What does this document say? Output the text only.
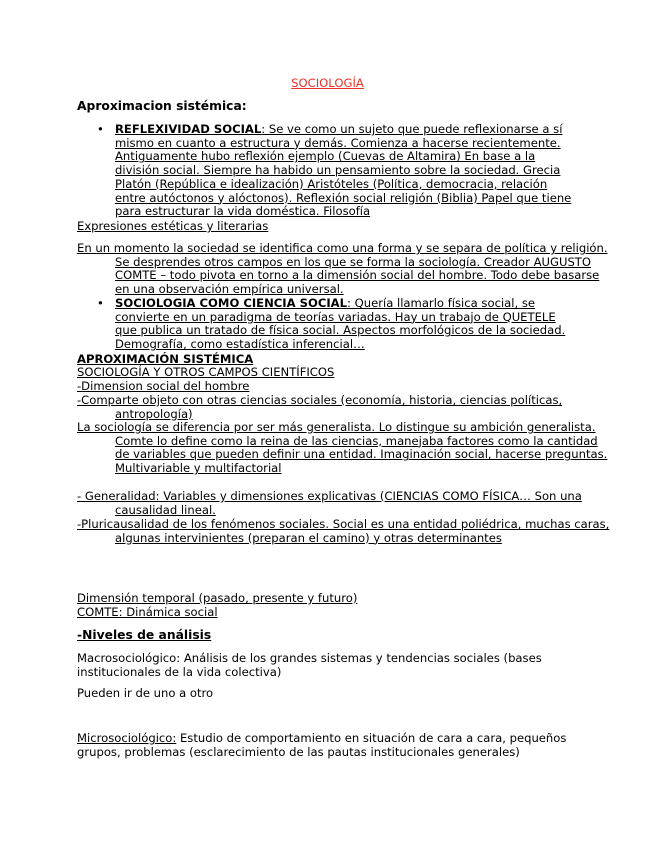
SOCIOLOGÍA
Aproximacion sistémica:
• REFLEXIVIDAD SOCIAL: Se ve como un sujeto que puede reflexionarse a sí mismo en cuanto a estructura y demás. Comienza a hacerse recientemente. Antiguamente hubo reflexión ejemplo (Cuevas de Altamira) En base a la división social. Siempre ha habido un pensamiento sobre la sociedad. Grecia Platón (República e idealización) Aristóteles (Política, democracia, relación entre autóctonos y alóctonos). Reflexión social religión (Biblia) Papel que tiene para estructurar la vida doméstica. Filosofía
Expresiones estéticas y literarias
En un momento la sociedad se identifica como una forma y se separa de política y religión. Se desprendes otros campos en los que se forma la sociología. Creador AUGUSTO COMTE – todo pivota en torno a la dimensión social del hombre. Todo debe basarse en una observación empírica universal.
• SOCIOLOGIA COMO CIENCIA SOCIAL: Quería llamarlo física social, se convierte en un paradigma de teorías variadas. Hay un trabajo de QUETELE que publica un tratado de física social. Aspectos morfológicos de la sociedad. Demografía, como estadística inferencial…
APROXIMACIÓN SISTÉMICA
SOCIOLOGÍA Y OTROS CAMPOS CIENTÍFICOS
-Dimension social del hombre
-Comparte objeto con otras ciencias sociales (economía, historia, ciencias políticas, antropología)
La sociología se diferencia por ser más generalista. Lo distingue su ambición generalista. Comte lo define como la reina de las ciencias, manejaba factores como la cantidad de variables que pueden definir una entidad. Imaginación social, hacerse preguntas. Multivariable y multifactorial
- Generalidad: Variables y dimensiones explicativas (CIENCIAS COMO FÍSICA… Son una causalidad lineal.
-Pluricausalidad de los fenómenos sociales. Social es una entidad poliédrica, muchas caras, algunas intervinientes (preparan el camino) y otras determinantes
Dimensión temporal (pasado, presente y futuro)
COMTE: Dinámica social
-Niveles de análisis
Macrosociológico: Análisis de los grandes sistemas y tendencias sociales (bases institucionales de la vida colectiva)
Pueden ir de uno a otro
Microsociológico: Estudio de comportamiento en situación de cara a cara, pequeños grupos, problemas (esclarecimiento de las pautas institucionales generales)
